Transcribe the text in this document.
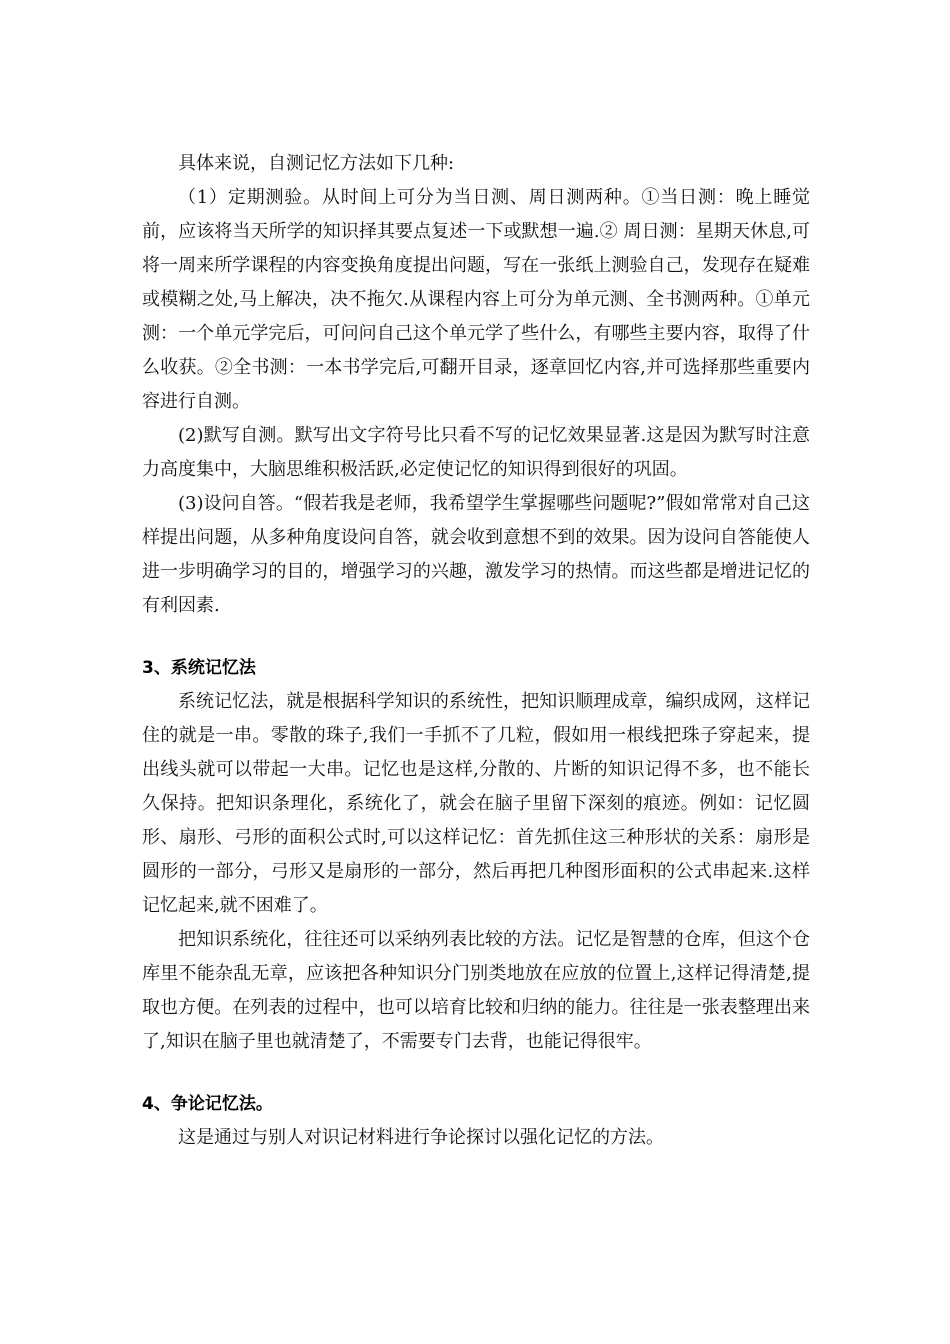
具体来说，自测记忆方法如下几种:

（1）定期测验。从时间上可分为当日测、周日测两种。①当日测：晚上睡觉前，应该将当天所学的知识择其要点复述一下或默想一遍.② 周日测：星期天休息,可将一周来所学课程的内容变换角度提出问题，写在一张纸上测验自己，发现存在疑难或模糊之处,马上解决，决不拖欠.从课程内容上可分为单元测、全书测两种。①单元测：一个单元学完后，可问问自己这个单元学了些什么，有哪些主要内容，取得了什么收获。②全书测：一本书学完后,可翻开目录，逐章回忆内容,并可选择那些重要内容进行自测。

(2)默写自测。默写出文字符号比只看不写的记忆效果显著.这是因为默写时注意力高度集中，大脑思维积极活跃,必定使记忆的知识得到很好的巩固。

(3)设问自答。“假若我是老师，我希望学生掌握哪些问题呢?”假如常常对自己这样提出问题，从多种角度设问自答，就会收到意想不到的效果。因为设问自答能使人进一步明确学习的目的，增强学习的兴趣，激发学习的热情。而这些都是增进记忆的有利因素.

3、系统记忆法

系统记忆法，就是根据科学知识的系统性，把知识顺理成章，编织成网，这样记住的就是一串。零散的珠子,我们一手抓不了几粒，假如用一根线把珠子穿起来，提出线头就可以带起一大串。记忆也是这样,分散的、片断的知识记得不多，也不能长久保持。把知识条理化，系统化了，就会在脑子里留下深刻的痕迹。例如：记忆圆形、扇形、弓形的面积公式时,可以这样记忆：首先抓住这三种形状的关系：扇形是圆形的一部分，弓形又是扇形的一部分，然后再把几种图形面积的公式串起来.这样记忆起来,就不困难了。

把知识系统化，往往还可以采纳列表比较的方法。记忆是智慧的仓库，但这个仓库里不能杂乱无章，应该把各种知识分门别类地放在应放的位置上,这样记得清楚,提取也方便。在列表的过程中，也可以培育比较和归纳的能力。往往是一张表整理出来了,知识在脑子里也就清楚了，不需要专门去背，也能记得很牢。

4、争论记忆法。

这是通过与别人对识记材料进行争论探讨以强化记忆的方法。
